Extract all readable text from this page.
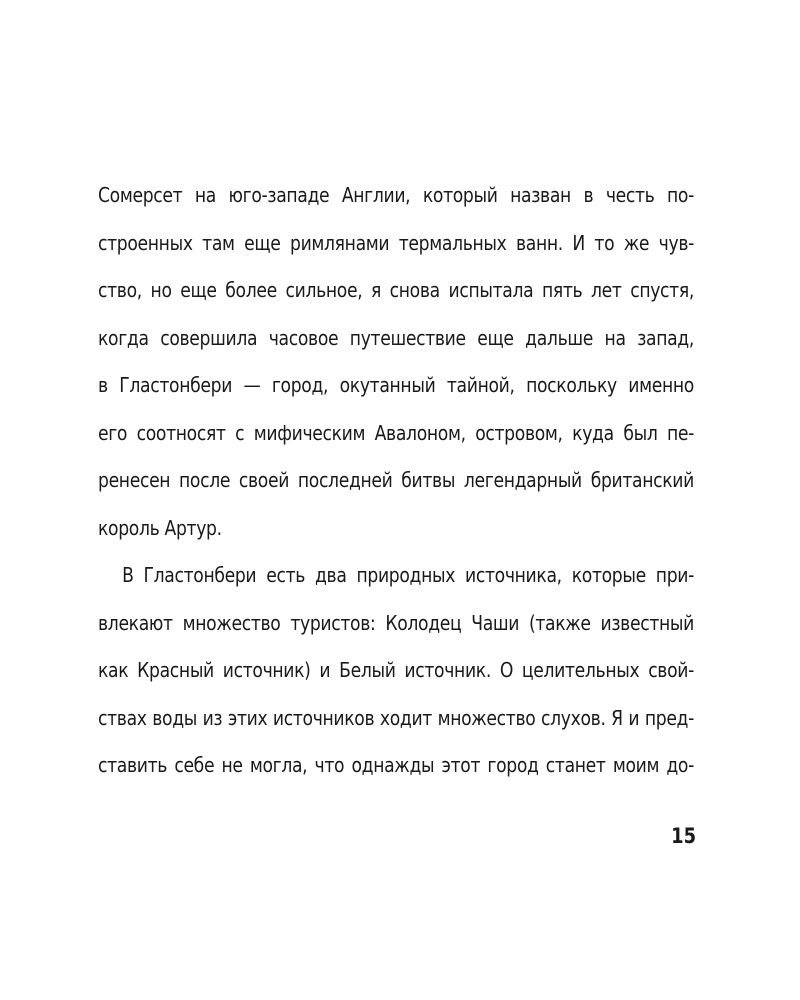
Сомерсет на юго-западе Англии, который назван в честь по-
строенных там еще римлянами термальных ванн. И то же чув-
ство, но еще более сильное, я снова испытала пять лет спустя,
когда совершила часовое путешествие еще дальше на запад,
в Гластонбери — город, окутанный тайной, поскольку именно
его соотносят с мифическим Авалоном, островом, куда был пе-
ренесен после своей последней битвы легендарный британский
король Артур.
В Гластонбери есть два природных источника, которые при-
влекают множество туристов: Колодец Чаши (также известный
как Красный источник) и Белый источник. О целительных свой-
ствах воды из этих источников ходит множество слухов. Я и пред-
ставить себе не могла, что однажды этот город станет моим до-
15
